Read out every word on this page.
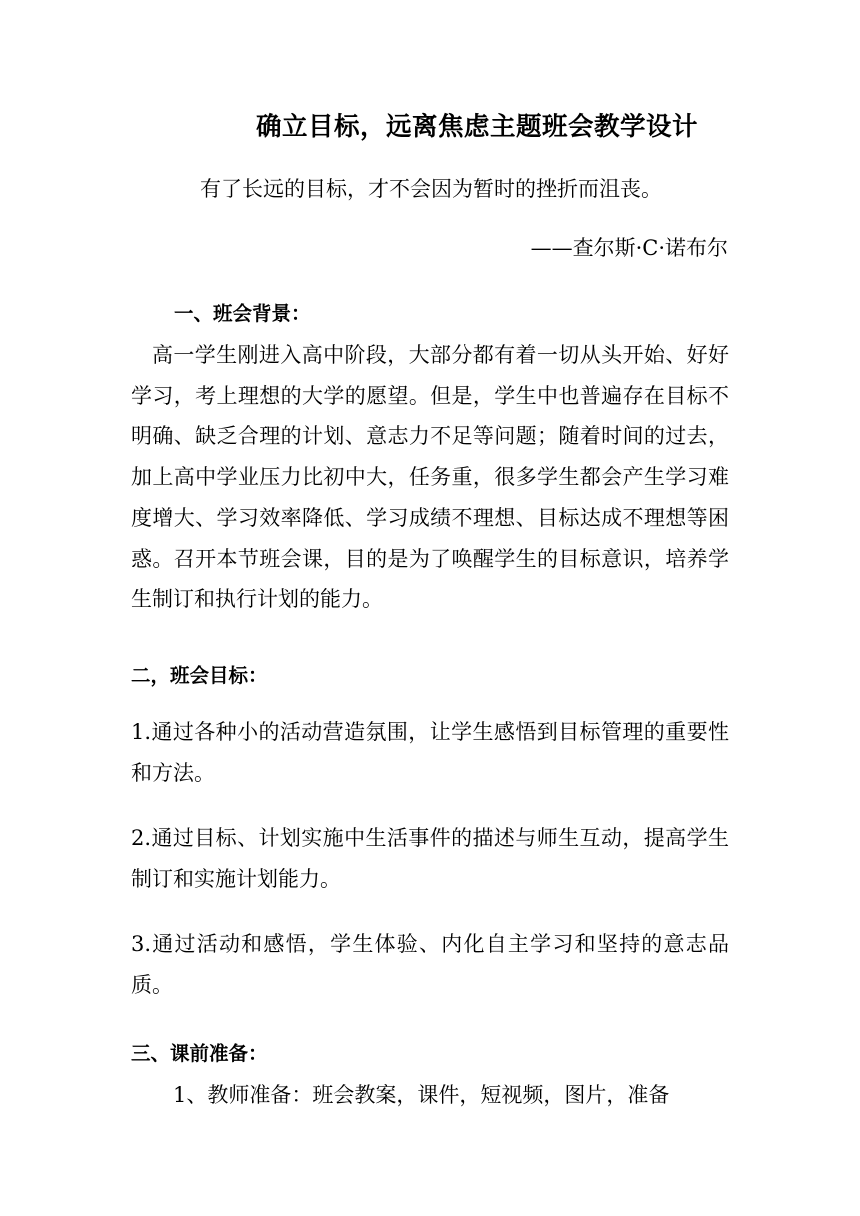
确立目标，远离焦虑主题班会教学设计
有了长远的目标，才不会因为暂时的挫折而沮丧。
——查尔斯·C·诺布尔
一、班会背景：
高一学生刚进入高中阶段，大部分都有着一切从头开始、好好学习，考上理想的大学的愿望。但是，学生中也普遍存在目标不明确、缺乏合理的计划、意志力不足等问题；随着时间的过去，加上高中学业压力比初中大，任务重，很多学生都会产生学习难度增大、学习效率降低、学习成绩不理想、目标达成不理想等困惑。召开本节班会课，目的是为了唤醒学生的目标意识，培养学生制订和执行计划的能力。
二，班会目标：
1.通过各种小的活动营造氛围，让学生感悟到目标管理的重要性和方法。
2.通过目标、计划实施中生活事件的描述与师生互动，提高学生制订和实施计划能力。
3.通过活动和感悟，学生体验、内化自主学习和坚持的意志品质。
三、课前准备：
1、教师准备：班会教案，课件，短视频，图片，准备
